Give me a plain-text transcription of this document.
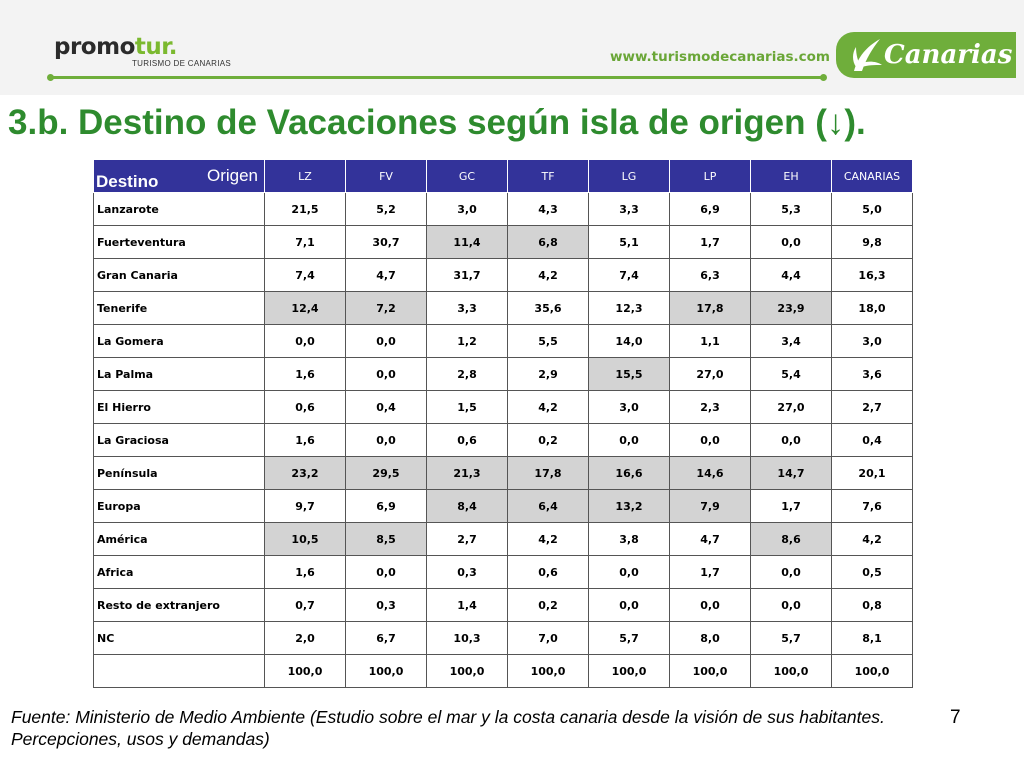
promotur.
TURISMO DE CANARIAS	www.turismodecanarias.com Canarias
3.b. Destino de Vacaciones según isla de origen (↓).
Origen
Destino	LZ	FV	GC	TF	LG	LP	EH	CANARIAS
Lanzarote	21,5	5,2	3,0	4,3	3,3	6,9	5,3	5,0
Fuerteventura	7,1	30,7	11,4	6,8	5,1	1,7	0,0	9,8
Gran Canaria	7,4	4,7	31,7	4,2	7,4	6,3	4,4	16,3
Tenerife	12,4	7,2	3,3	35,6	12,3	17,8	23,9	18,0
La Gomera	0,0	0,0	1,2	5,5	14,0	1,1	3,4	3,0
La Palma	1,6	0,0	2,8	2,9	15,5	27,0	5,4	3,6
El Hierro	0,6	0,4	1,5	4,2	3,0	2,3	27,0	2,7
La Graciosa	1,6	0,0	0,6	0,2	0,0	0,0	0,0	0,4
Península	23,2	29,5	21,3	17,8	16,6	14,6	14,7	20,1
Europa	9,7	6,9	8,4	6,4	13,2	7,9	1,7	7,6
América	10,5	8,5	2,7	4,2	3,8	4,7	8,6	4,2
Africa	1,6	0,0	0,3	0,6	0,0	1,7	0,0	0,5
Resto de extranjero	0,7	0,3	1,4	0,2	0,0	0,0	0,0	0,8
NC	2,0	6,7	10,3	7,0	5,7	8,0	5,7	8,1
	100,0	100,0	100,0	100,0	100,0	100,0	100,0	100,0
Fuente: Ministerio de Medio Ambiente (Estudio sobre el mar y la costa canaria desde la visión de sus habitantes. Percepciones, usos y demandas)
7
